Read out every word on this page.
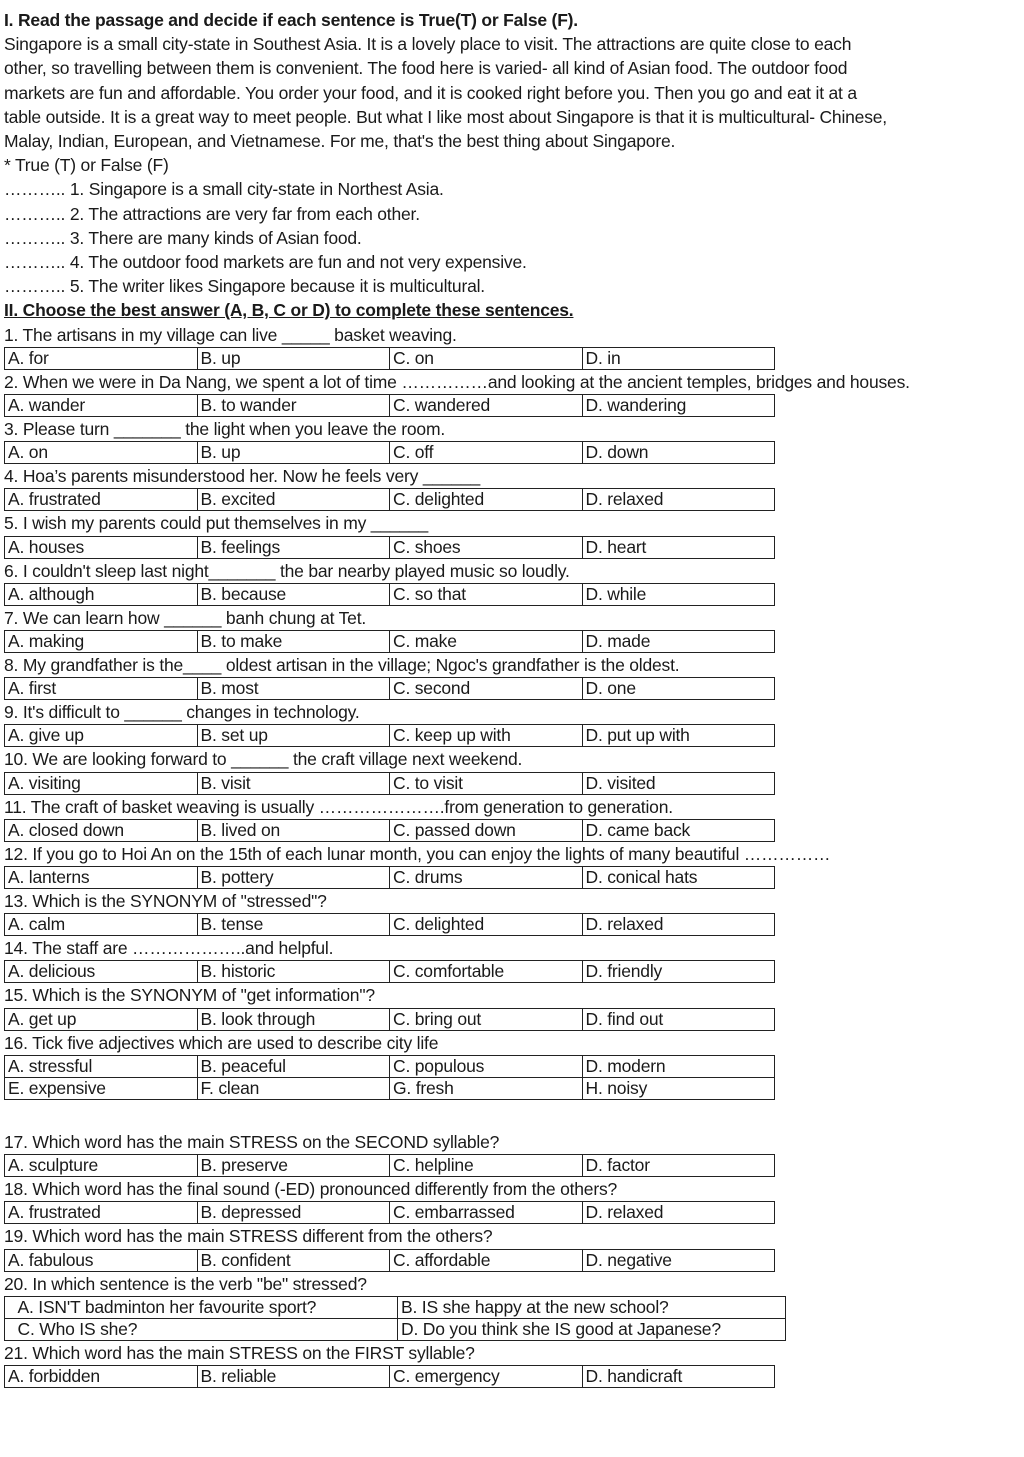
I. Read the passage and decide if each sentence is True(T) or False (F).
Singapore is a small city-state in Southest Asia. It is a lovely place to visit. The attractions are quite close to each
other, so travelling between them is convenient. The food here is varied- all kind of Asian food. The outdoor food
markets are fun and affordable. You order your food, and it is cooked right before you. Then you go and eat it at a
table outside. It is a great way to meet people. But what I like most about Singapore is that it is multicultural- Chinese,
Malay, Indian, European, and Vietnamese. For me, that's the best thing about Singapore.
* True (T) or False (F)
……….. 1. Singapore is a small city-state in Northest Asia.
……….. 2. The attractions are very far from each other.
……….. 3. There are many kinds of Asian food.
……….. 4. The outdoor food markets are fun and not very expensive.
……….. 5. The writer likes Singapore because it is multicultural.
II. Choose the best answer (A, B, C or D) to complete these sentences.
1. The artisans in my village can live _____ basket weaving.
A. for	B. up	C. on	D. in
2. When we were in Da Nang, we spent a lot of time ……………and looking at the ancient temples, bridges and houses.
A. wander	B. to wander	C. wandered	D. wandering
3. Please turn _______ the light when you leave the room.
A. on	B. up	C. off	D. down
4. Hoa’s parents misunderstood her. Now he feels very ______
A. frustrated	B. excited	C. delighted	D. relaxed
5. I wish my parents could put themselves in my ______
A. houses	B. feelings	C. shoes	D. heart
6. I couldn't sleep last night_______ the bar nearby played music so loudly.
A. although	B. because	C. so that	D. while
7. We can learn how ______ banh chung at Tet.
A. making	B. to make	C. make	D. made
8. My grandfather is the____ oldest artisan in the village; Ngoc's grandfather is the oldest.
A. first	B. most	C. second	D. one
9. It's difficult to ______ changes in technology.
A. give up	B. set up	C. keep up with	D. put up with
10. We are looking forward to ______ the craft village next weekend.
A. visiting	B. visit	C. to visit	D. visited
11. The craft of basket weaving is usually ………………….from generation to generation.
A. closed down	B. lived on	C. passed down	D. came back
12. If you go to Hoi An on the 15th of each lunar month, you can enjoy the lights of many beautiful ……………
A. lanterns	B. pottery	C. drums	D. conical hats
13. Which is the SYNONYM of "stressed"?
A. calm	B. tense	C. delighted	D. relaxed
14. The staff are ………………..and helpful.
A. delicious	B. historic	C. comfortable	D. friendly
15. Which is the SYNONYM of "get information"?
A. get up	B. look through	C. bring out	D. find out
16. Tick five adjectives which are used to describe city life
A. stressful	B. peaceful	C. populous	D. modern
E. expensive	F. clean	G. fresh	H. noisy
17. Which word has the main STRESS on the SECOND syllable?
A. sculpture	B. preserve	C. helpline	D. factor
18. Which word has the final sound (-ED) pronounced differently from the others?
A. frustrated	B. depressed	C. embarrassed	D. relaxed
19. Which word has the main STRESS different from the others?
A. fabulous	B. confident	C. affordable	D. negative
20. In which sentence is the verb "be" stressed?
	A. ISN'T badminton her favourite sport?	B. IS she happy at the new school?
	C. Who IS she?	D. Do you think she IS good at Japanese?
21. Which word has the main STRESS on the FIRST syllable?
A. forbidden	B. reliable	C. emergency	D. handicraft
